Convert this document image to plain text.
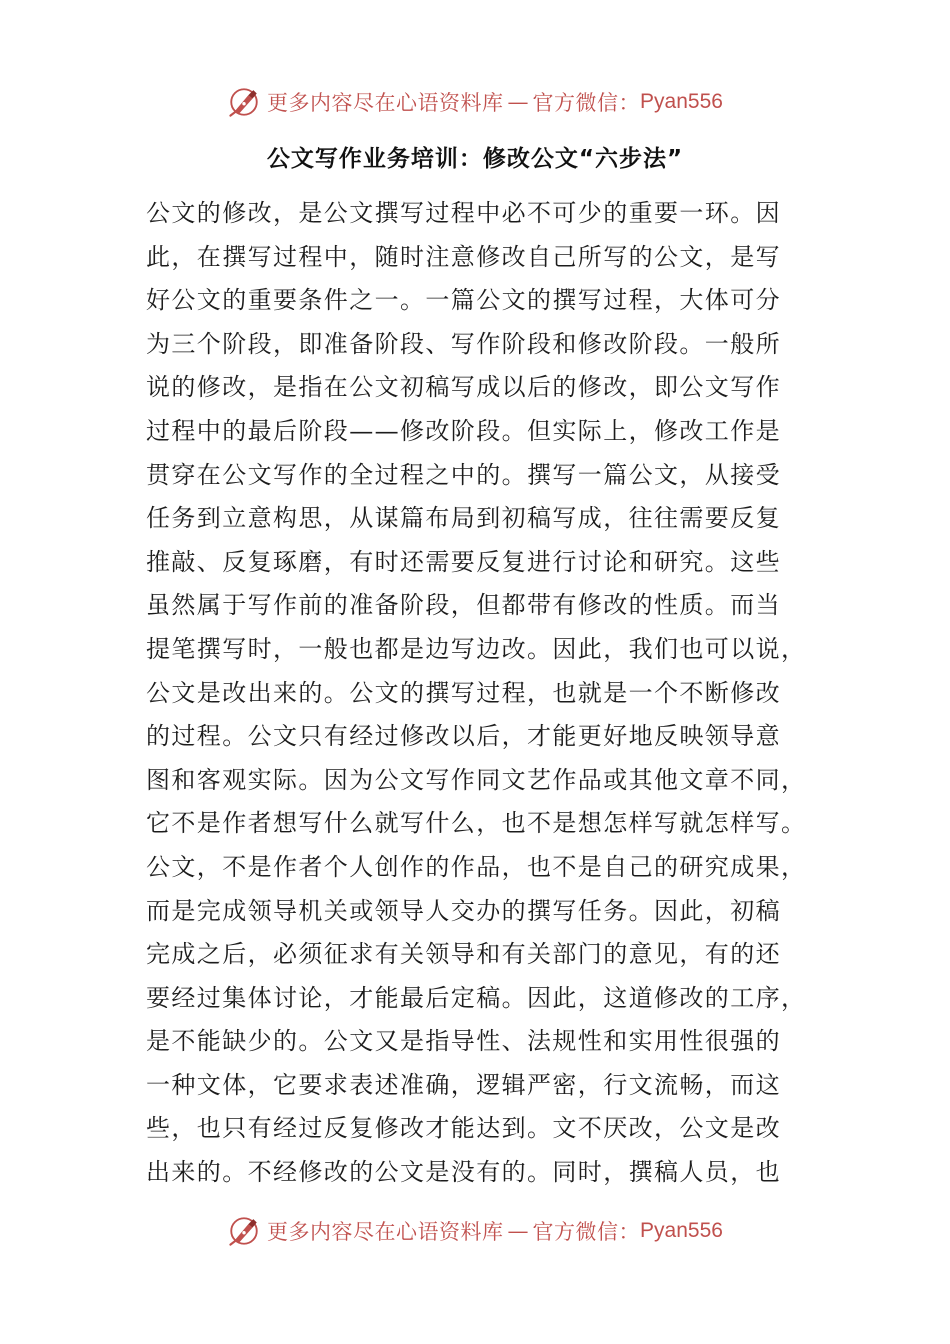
更多内容尽在心语资料库 — 官方微信： Pyan556
公文写作业务培训：修改公文“六步法”
公文的修改，是公文撰写过程中必不可少的重要一环。因
此，在撰写过程中，随时注意修改自己所写的公文，是写
好公文的重要条件之一。一篇公文的撰写过程，大体可分
为三个阶段，即准备阶段、写作阶段和修改阶段。一般所
说的修改，是指在公文初稿写成以后的修改，即公文写作
过程中的最后阶段——修改阶段。但实际上，修改工作是
贯穿在公文写作的全过程之中的。撰写一篇公文，从接受
任务到立意构思，从谋篇布局到初稿写成，往往需要反复
推敲、反复琢磨，有时还需要反复进行讨论和研究。这些
虽然属于写作前的准备阶段，但都带有修改的性质。而当
提笔撰写时，一般也都是边写边改。因此，我们也可以说，
公文是改出来的。公文的撰写过程，也就是一个不断修改
的过程。公文只有经过修改以后，才能更好地反映领导意
图和客观实际。因为公文写作同文艺作品或其他文章不同，
它不是作者想写什么就写什么，也不是想怎样写就怎样写。
公文，不是作者个人创作的作品，也不是自己的研究成果，
而是完成领导机关或领导人交办的撰写任务。因此，初稿
完成之后，必须征求有关领导和有关部门的意见，有的还
要经过集体讨论，才能最后定稿。因此，这道修改的工序，
是不能缺少的。公文又是指导性、法规性和实用性很强的
一种文体，它要求表述准确，逻辑严密，行文流畅，而这
些，也只有经过反复修改才能达到。文不厌改，公文是改
出来的。不经修改的公文是没有的。同时，撰稿人员，也
更多内容尽在心语资料库 — 官方微信： Pyan556
